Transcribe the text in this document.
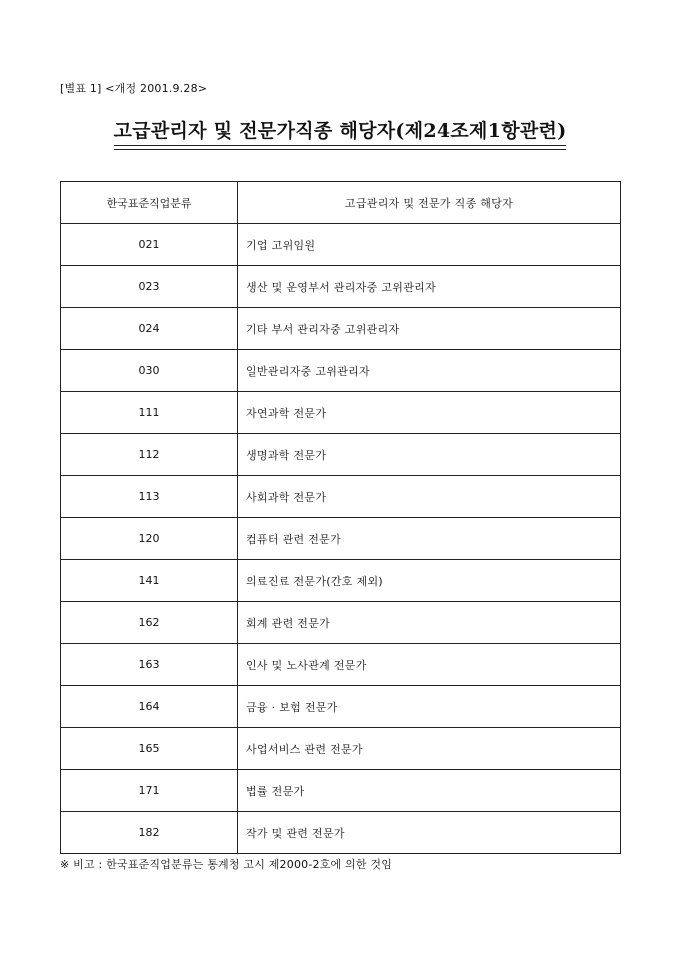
[별표 1] <개정 2001.9.28>
고급관리자 및 전문가직종 해당자(제24조제1항관련)
한국표준직업분류	고급관리자 및 전문가 직종 해당자
021	기업 고위임원
023	생산 및 운영부서 관리자중 고위관리자
024	기타 부서 관리자중 고위관리자
030	일반관리자중 고위관리자
111	자연과학 전문가
112	생명과학 전문가
113	사회과학 전문가
120	컴퓨터 관련 전문가
141	의료진료 전문가(간호 제외)
162	회계 관련 전문가
163	인사 및 노사관계 전문가
164	금융 · 보험 전문가
165	사업서비스 관련 전문가
171	법률 전문가
182	작가 및 관련 전문가
※ 비고 : 한국표준직업분류는 통계청 고시 제2000-2호에 의한 것임
